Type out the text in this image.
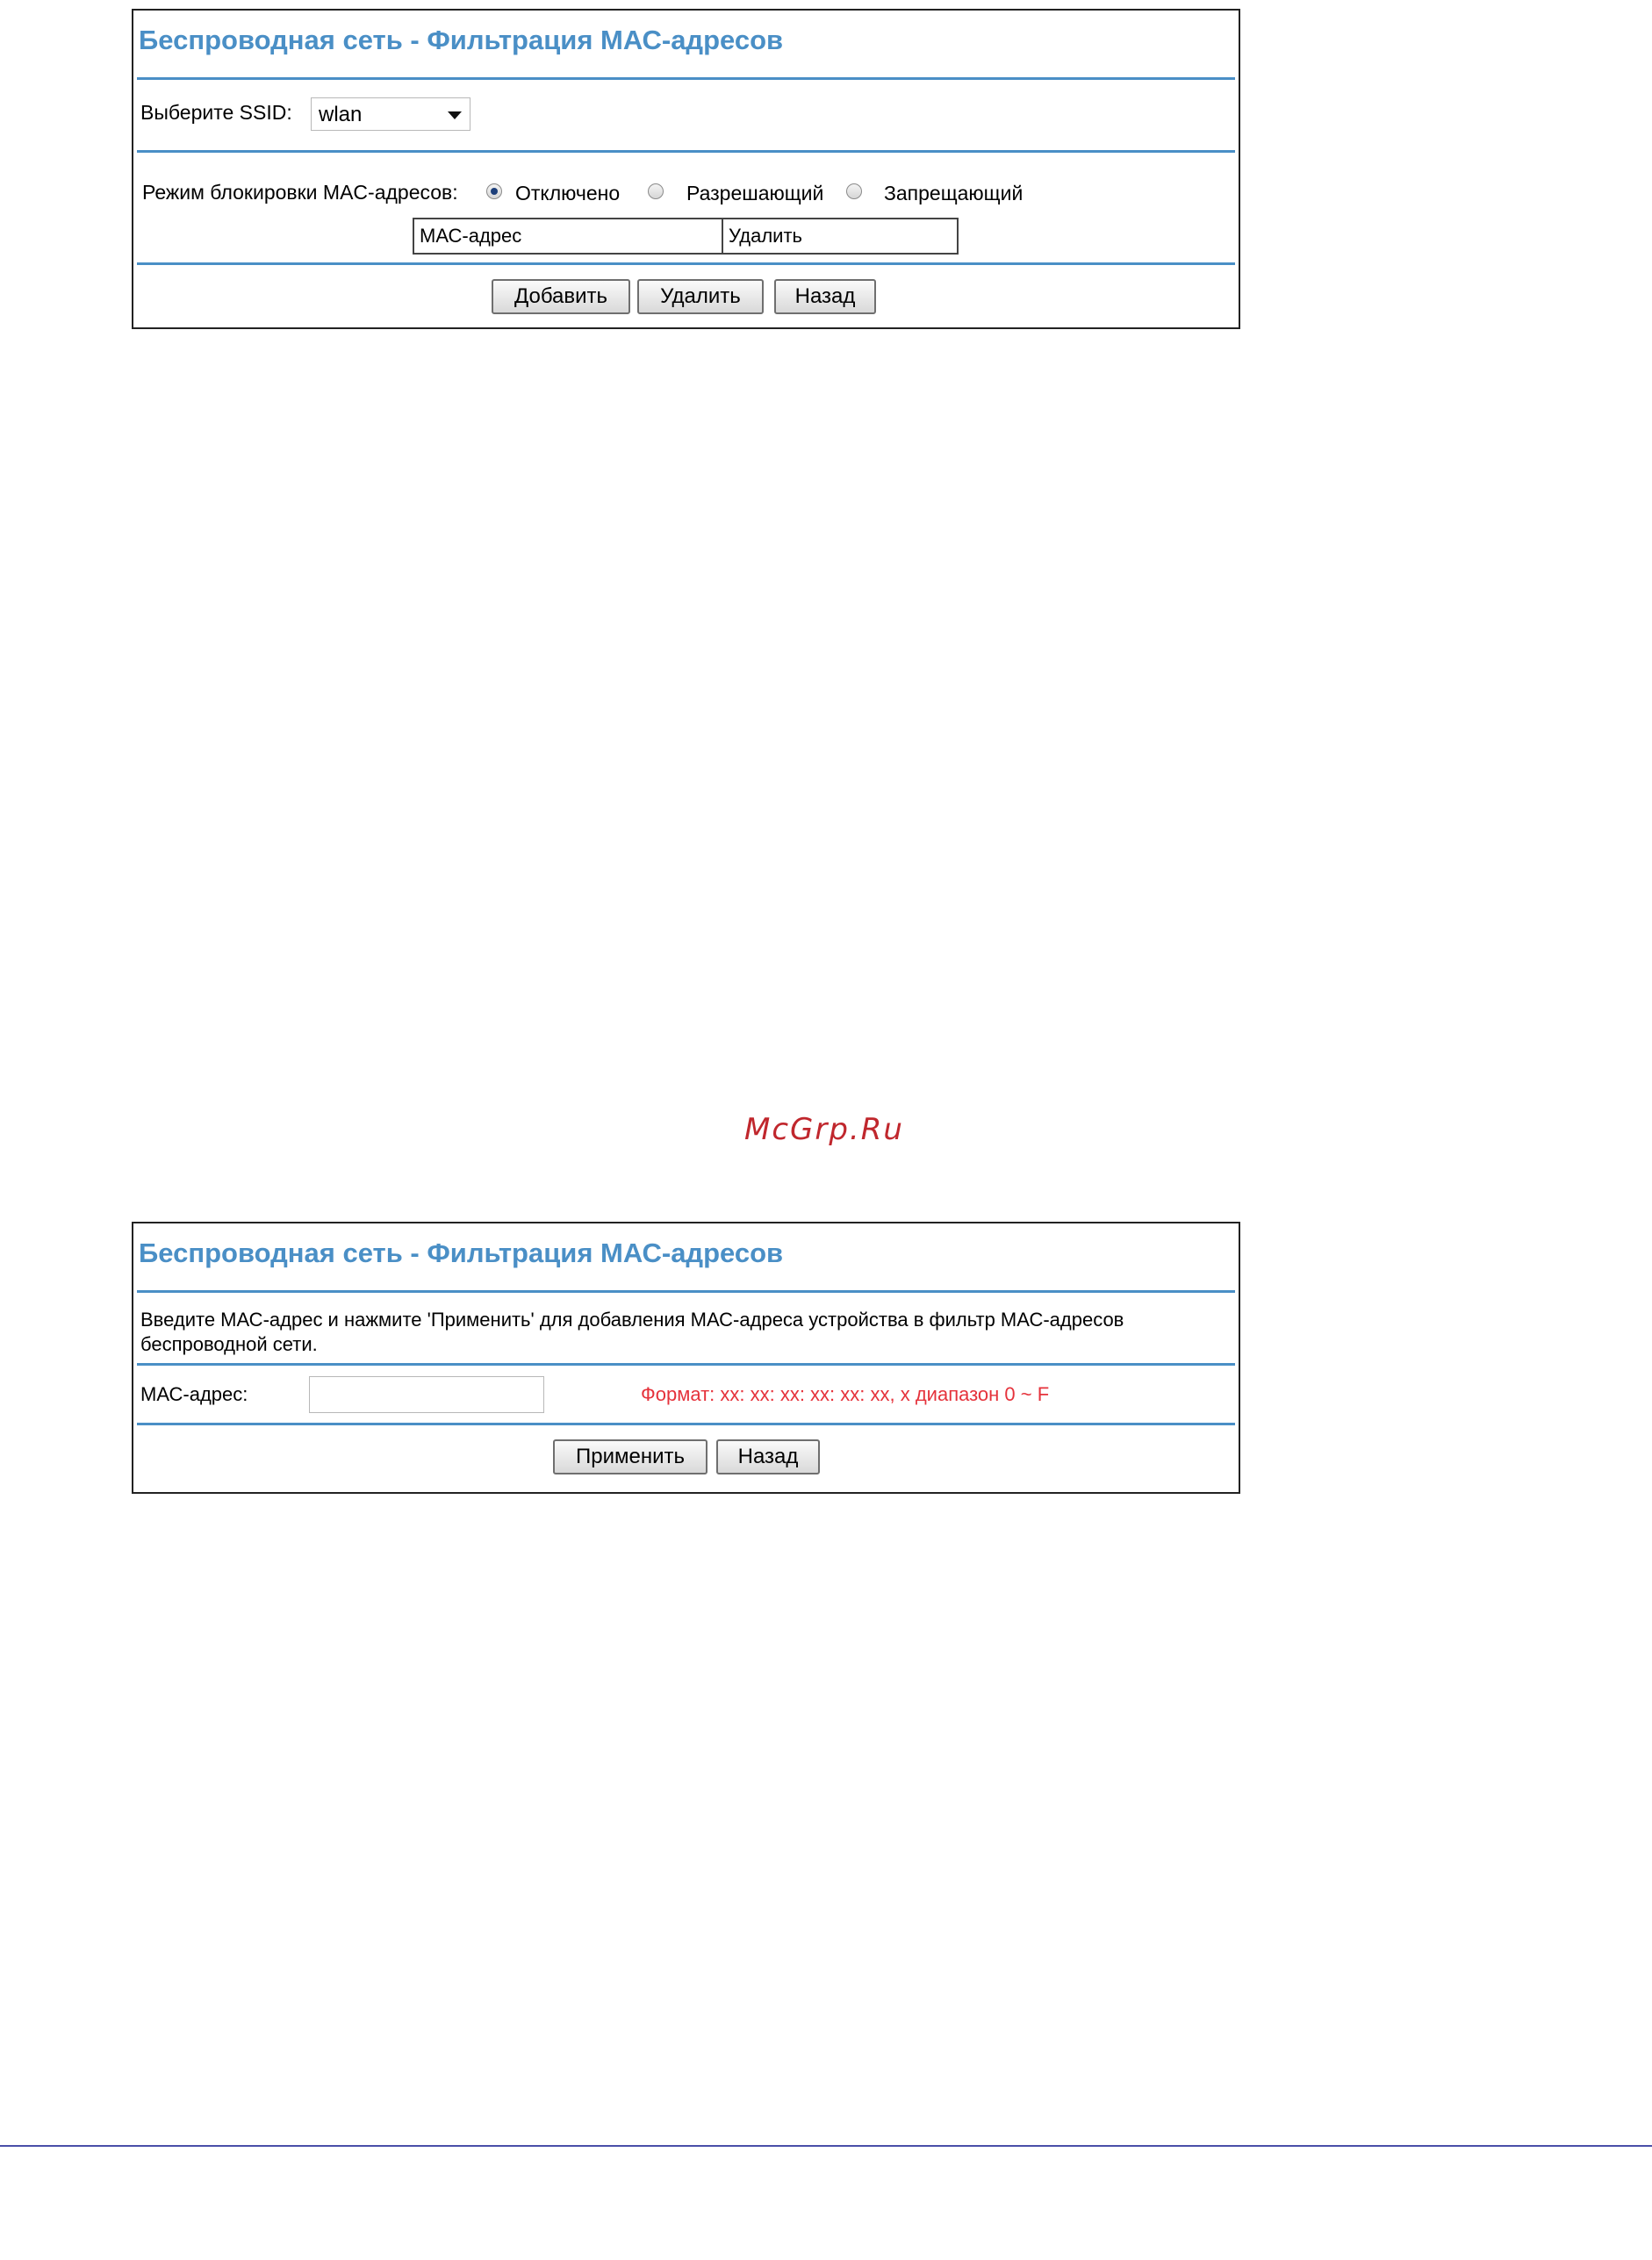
Беспроводная сеть - Фильтрация МАС-адресов
Выберите SSID:
wlan
Режим блокировки MAC-адресов:	Отключено	Разрешающий	Запрещающий
МАС-адрес	Удалить
Добавить	Удалить	Назад
McGrp.Ru
Беспроводная сеть - Фильтрация МАС-адресов
Введите МАС-адрес и нажмите 'Применить' для добавления МАС-адреса устройства в фильтр МАС-адресов
беспроводной сети.
МАС-адрес:	Формат: xx: xx: xx: xx: xx: xx, x диапазон 0 ~ F
Применить	Назад
